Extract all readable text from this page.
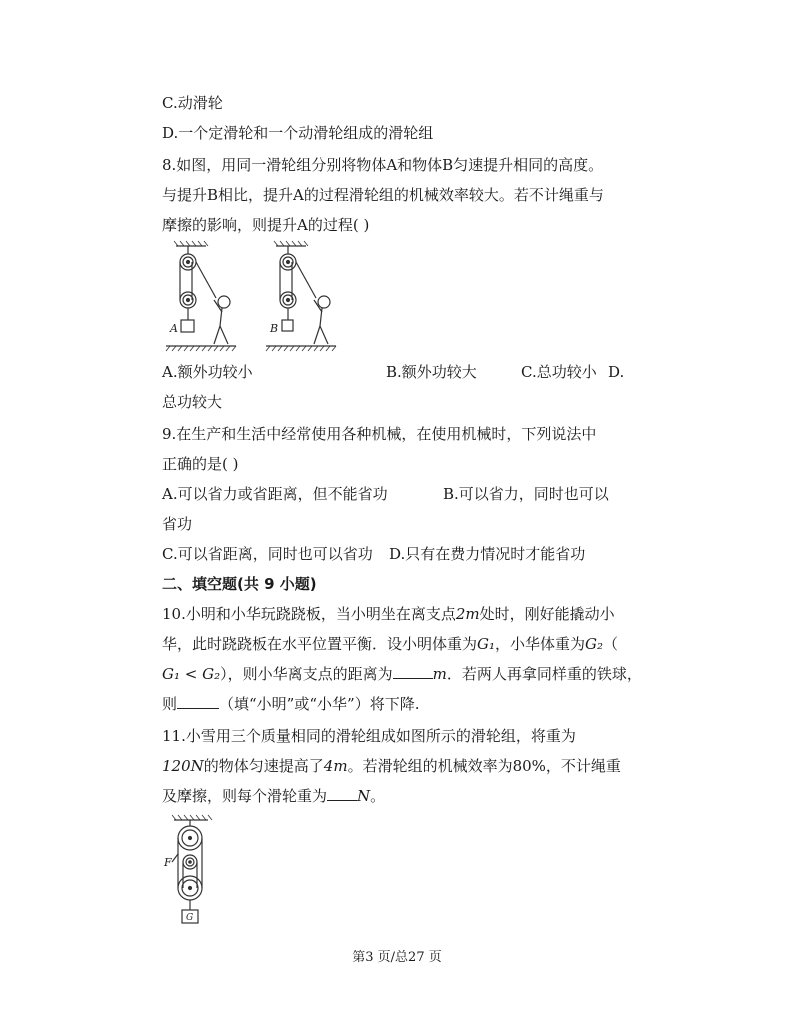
C.动滑轮
D.一个定滑轮和一个动滑轮组成的滑轮组
8.如图，用同一滑轮组分别将物体A和物体B匀速提升相同的高度。
与提升B相比，提升A的过程滑轮组的机械效率较大。若不计绳重与
摩擦的影响，则提升A的过程( )
A	B
A.额外功较小	B.额外功较大	C.总功较小 D.
总功较大
9.在生产和生活中经常使用各种机械，在使用机械时，下列说法中
正确的是( )
A.可以省力或省距离，但不能省功	B.可以省力，同时也可以
省功
C.可以省距离，同时也可以省功 D.只有在费力情况时才能省功
二、填空题(共 9 小题)
10.小明和小华玩跷跷板，当小明坐在离支点2m处时，刚好能撬动小
华，此时跷跷板在水平位置平衡．设小明体重为G₁，小华体重为G₂（
G₁ < G₂），则小华离支点的距离为	m．若两人再拿同样重的铁球，
则	（填“小明”或“小华”）将下降.
11.小雪用三个质量相同的滑轮组成如图所示的滑轮组，将重为
120N的物体匀速提高了4m。若滑轮组的机械效率为80%，不计绳重
及摩擦，则每个滑轮重为 N。
F
G
第3 页/总27 页
